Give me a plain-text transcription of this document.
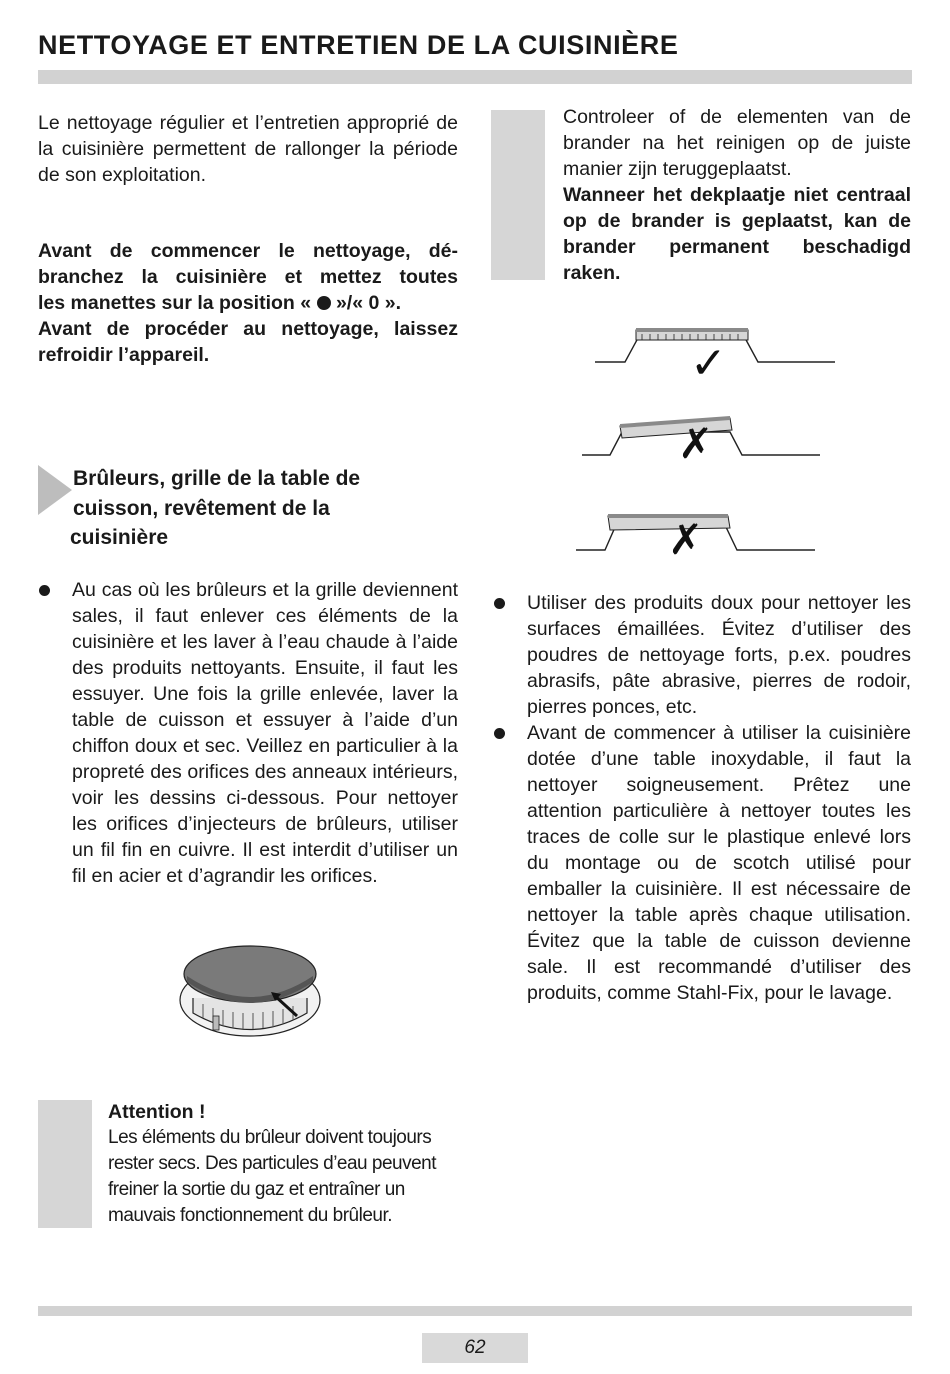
NETTOYAGE ET ENTRETIEN DE LA CUISINIÈRE
Le nettoyage régulier et l’entretien approprié de la cuisinière permettent de rallonger la période de son exploitation.
Avant de commencer le nettoyage, dé-
branchez la cuisinière et mettez toutes
les manettes sur la position « »/« 0 ».
Avant de procéder au nettoyage, laissez
refroidir l’appareil.
Controleer of de elementen van de brander na het reinigen op de juiste manier zijn teruggeplaatst.
Wanneer het dekplaatje niet centraal op de brander is geplaatst, kan de brander permanent beschadigd raken.
✓
✗
✗
Brûleurs, grille de la table de
cuisson, revêtement de la
cuisinière
Au cas où les brûleurs et la grille deviennent sales, il faut enlever ces éléments de la cuisinière et les laver à l’eau chaude à l’aide des produits nettoyants. Ensuite, il faut les essuyer. Une fois la grille enlevée, laver la table de cuisson et essuyer à l’aide d’un chiffon doux et sec. Veillez en particulier à la propreté des orifices des anneaux intérieurs, voir les dessins ci-dessous. Pour nettoyer les orifices d’injecteurs de brûleurs, utiliser un fil fin en cuivre. Il est interdit d’utiliser un fil en acier et d’agrandir les orifices.
Utiliser des produits doux pour nettoyer les surfaces émaillées. Évitez d’utiliser des poudres de nettoyage forts, p.ex. poudres abrasifs, pâte abrasive, pierres de rodoir, pierres ponces, etc.
Avant de commencer à utiliser la cuisinière dotée d’une table inoxydable, il faut la nettoyer soigneusement. Prêtez une attention particulière à nettoyer toutes les traces de colle sur le plastique enlevé lors du montage ou de scotch utilisé pour emballer la cuisinière. Il est nécessaire de nettoyer la table après chaque utilisation. Évitez que la table de cuisson devienne sale. Il est recommandé d’utiliser des produits, comme Stahl-Fix, pour le lavage.
Attention !
Les éléments du brûleur doivent toujours rester secs. Des particules d’eau peuvent freiner la sortie du gaz et entraîner un mauvais fonctionnement du brûleur.
62
